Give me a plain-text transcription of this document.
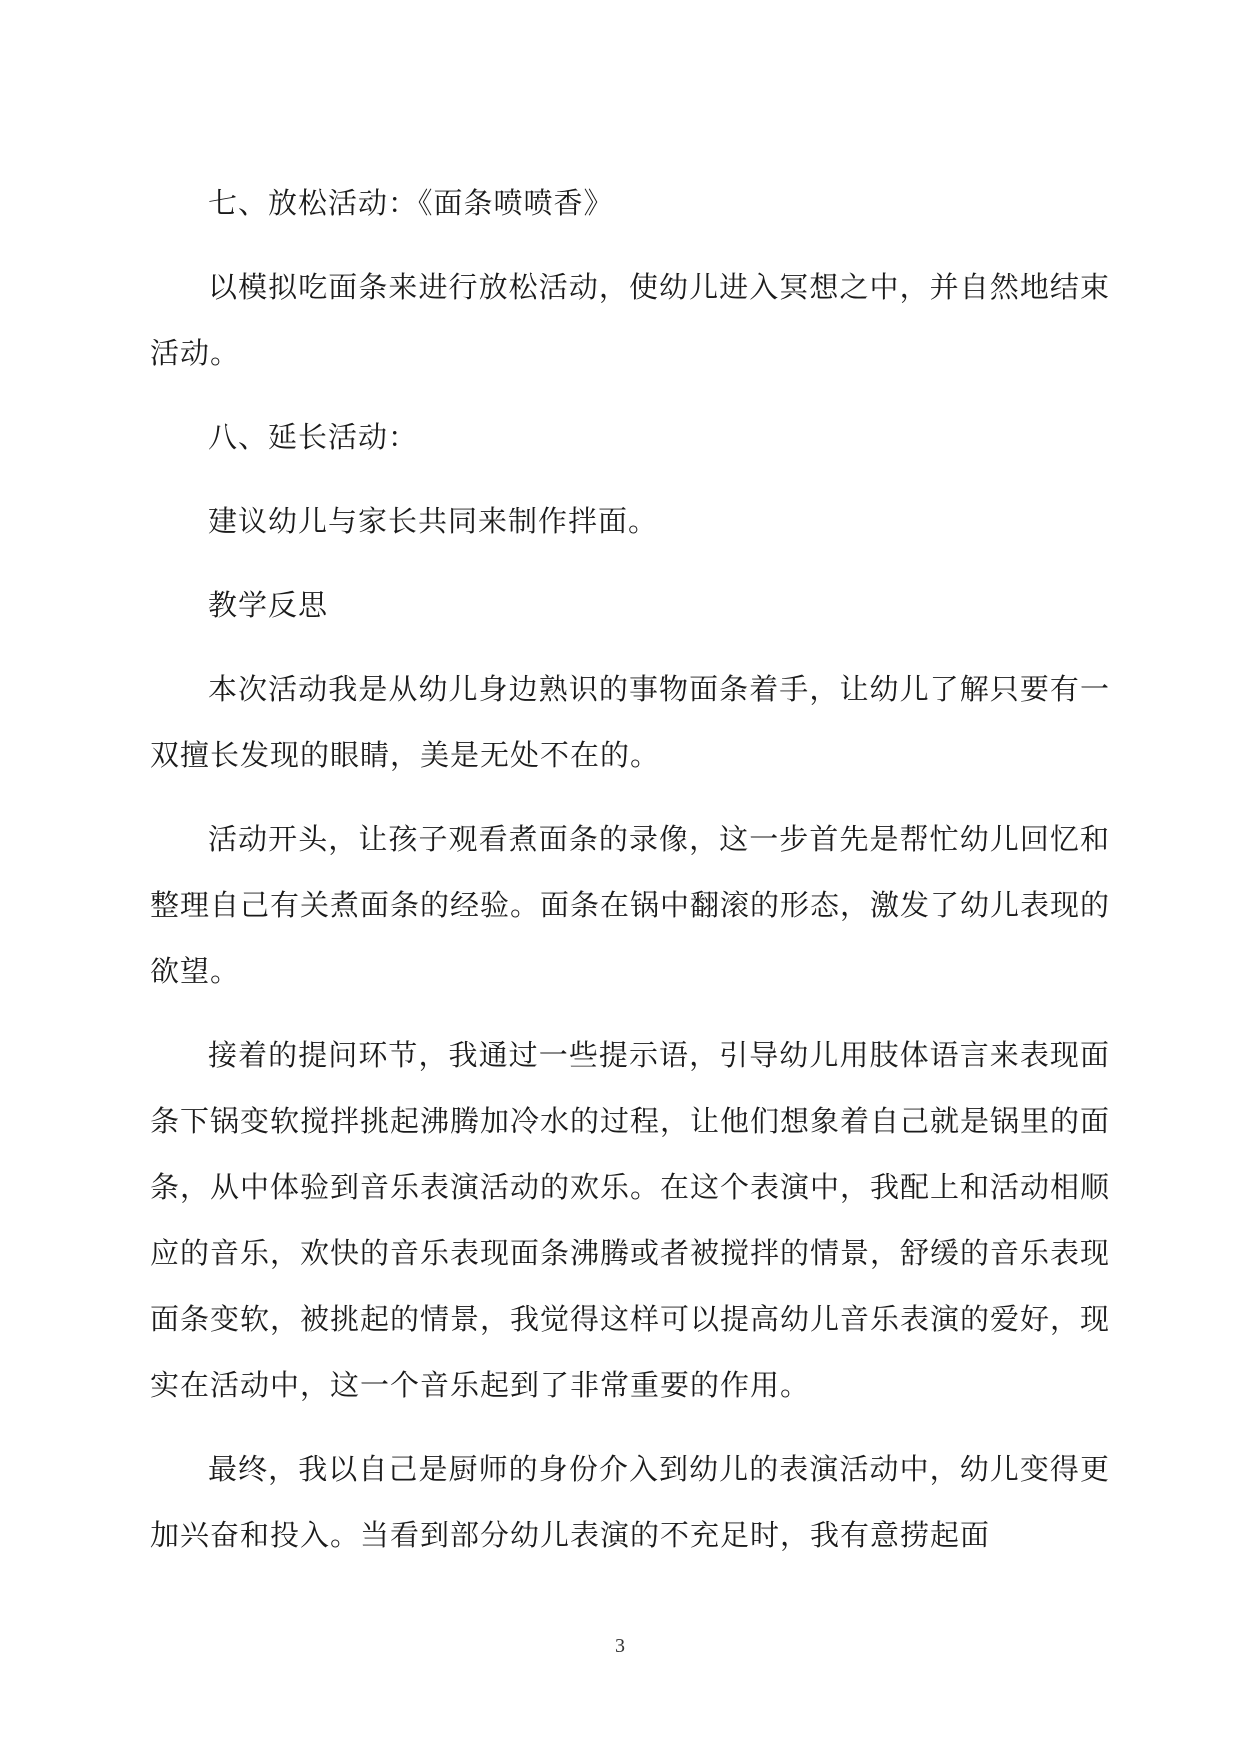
七、放松活动：《面条喷喷香》

以模拟吃面条来进行放松活动，使幼儿进入冥想之中，并自然地结束活动。

八、延长活动：

建议幼儿与家长共同来制作拌面。

教学反思

本次活动我是从幼儿身边熟识的事物面条着手，让幼儿了解只要有一双擅长发现的眼睛，美是无处不在的。

活动开头，让孩子观看煮面条的录像，这一步首先是帮忙幼儿回忆和整理自己有关煮面条的经验。面条在锅中翻滚的形态，激发了幼儿表现的欲望。

接着的提问环节，我通过一些提示语，引导幼儿用肢体语言来表现面条下锅变软搅拌挑起沸腾加冷水的过程，让他们想象着自己就是锅里的面条，从中体验到音乐表演活动的欢乐。在这个表演中，我配上和活动相顺应的音乐，欢快的音乐表现面条沸腾或者被搅拌的情景，舒缓的音乐表现面条变软，被挑起的情景，我觉得这样可以提高幼儿音乐表演的爱好，现实在活动中，这一个音乐起到了非常重要的作用。

最终，我以自己是厨师的身份介入到幼儿的表演活动中，幼儿变得更加兴奋和投入。当看到部分幼儿表演的不充足时，我有意捞起面

3
